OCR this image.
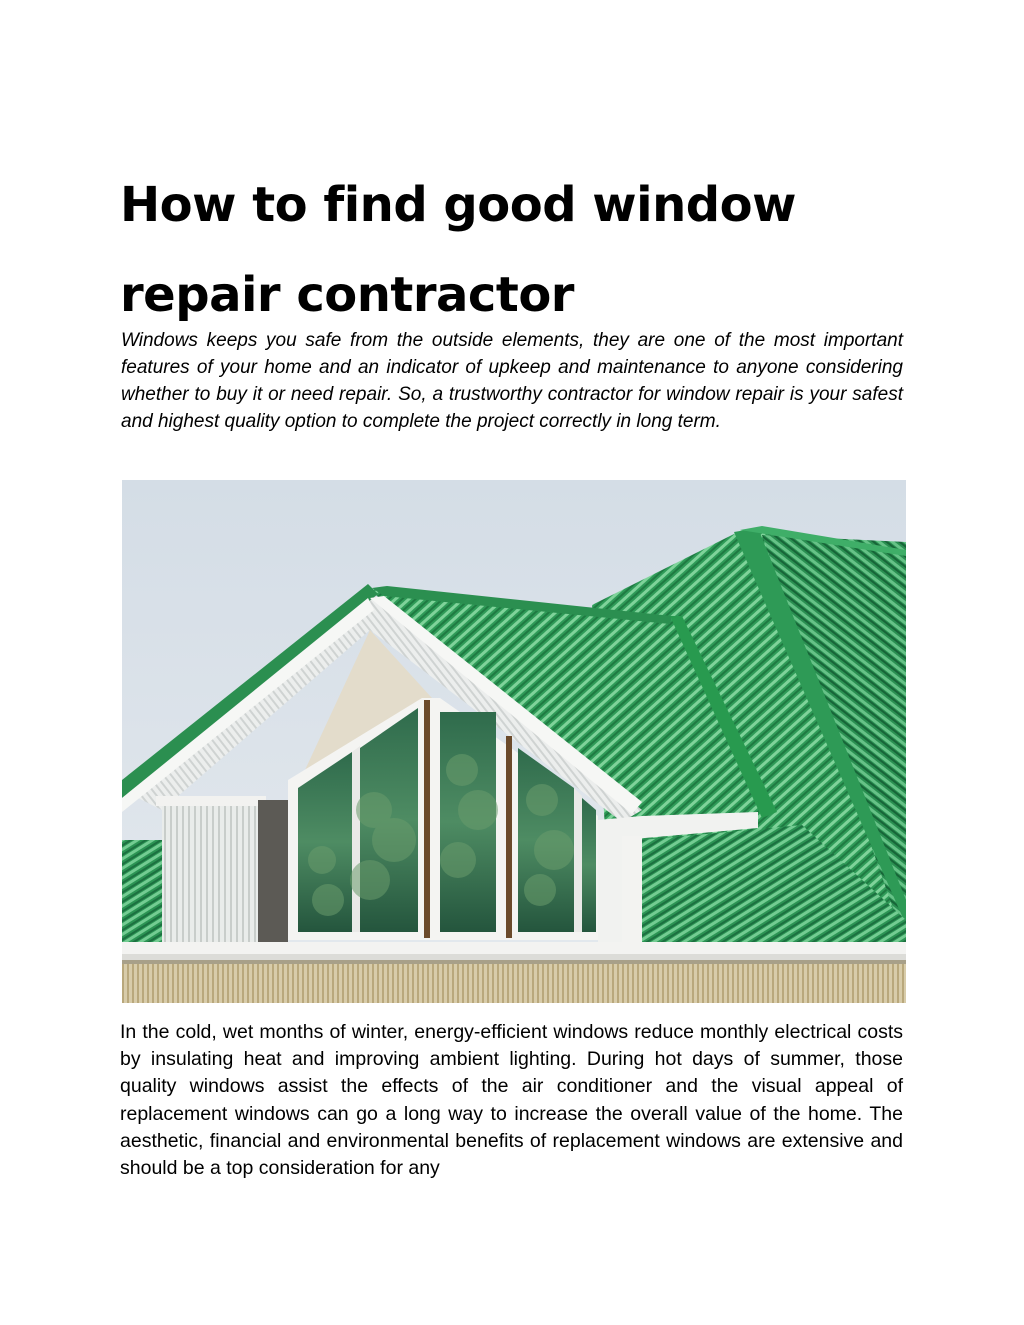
How to find good window repair contractor

Windows keeps you safe from the outside elements, they are one of the most important features of your home and an indicator of upkeep and maintenance to anyone considering whether to buy it or need repair. So, a trustworthy contractor for window repair is your safest and highest quality option to complete the project correctly in long term.

In the cold, wet months of winter, energy-efficient windows reduce monthly electrical costs by insulating heat and improving ambient lighting. During hot days of summer, those quality windows assist the effects of the air conditioner and the visual appeal of replacement windows can go a long way to increase the overall value of the home. The aesthetic, financial and environmental benefits of replacement windows are extensive and should be a top consideration for any
